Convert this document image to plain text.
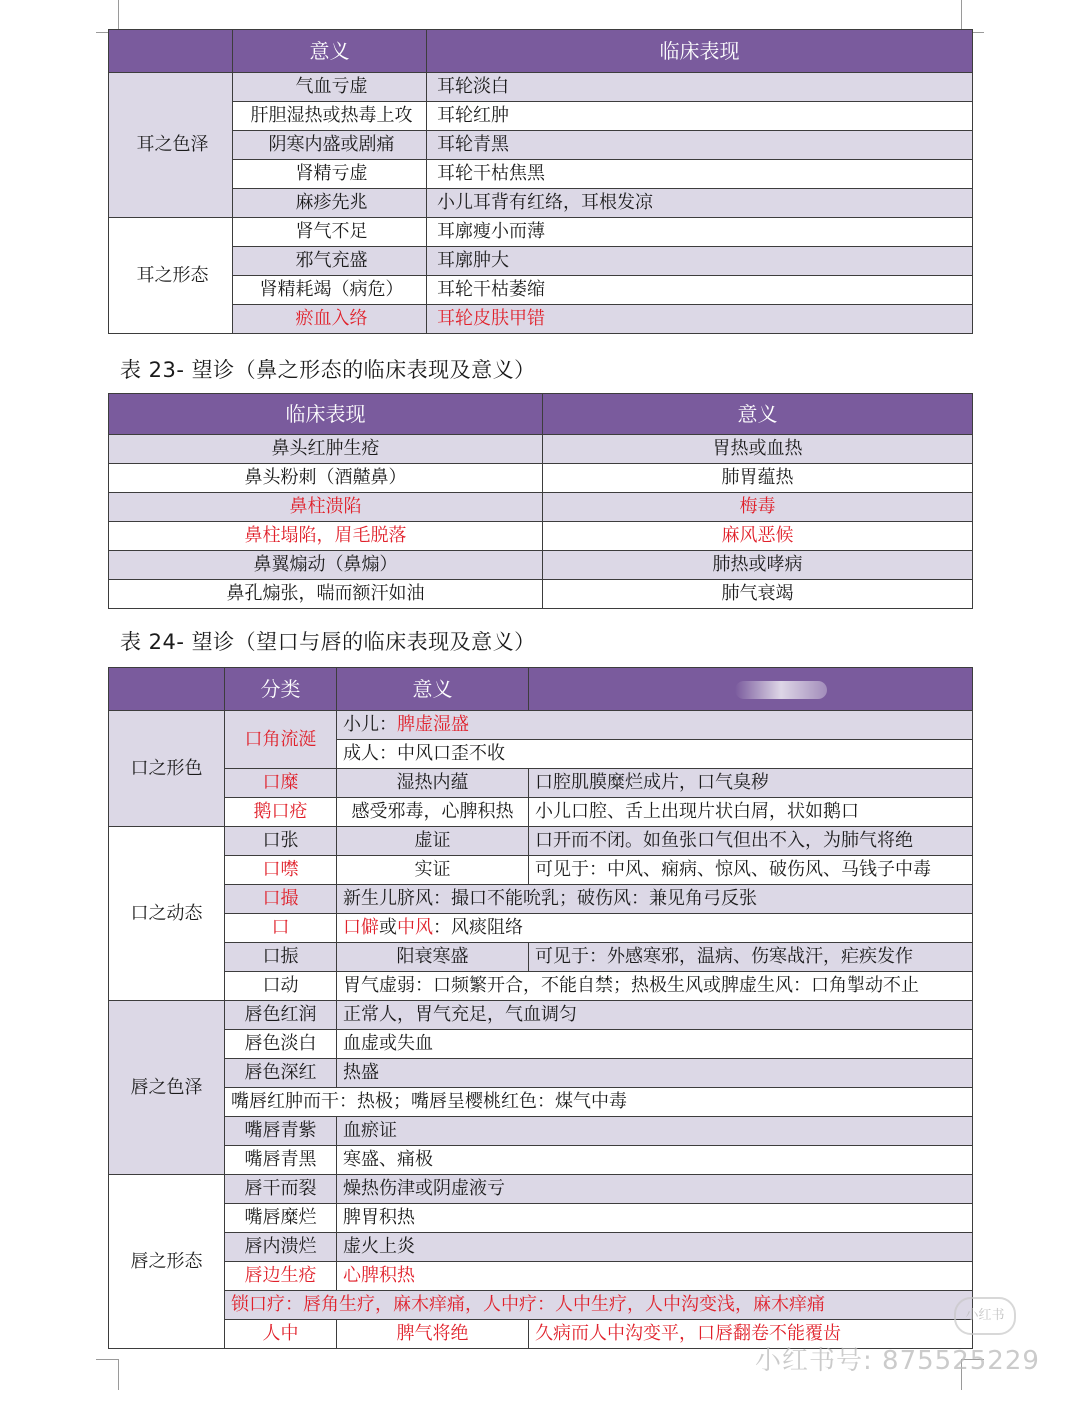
	意义	临床表现
耳之色泽	气血亏虚	耳轮淡白
	肝胆湿热或热毒上攻	耳轮红肿
	阴寒内盛或剧痛	耳轮青黑
	肾精亏虚	耳轮干枯焦黑
	麻疹先兆	小儿耳背有红络，耳根发凉
耳之形态	肾气不足	耳廓瘦小而薄
	邪气充盛	耳廓肿大
	肾精耗竭（病危）	耳轮干枯萎缩
	瘀血入络	耳轮皮肤甲错
表 23- 望诊（鼻之形态的临床表现及意义）
临床表现	意义
鼻头红肿生疮	胃热或血热
鼻头粉刺（酒齄鼻）	肺胃蕴热
鼻柱溃陷	梅毒
鼻柱塌陷，眉毛脱落	麻风恶候
鼻翼煽动（鼻煽）	肺热或哮病
鼻孔煽张，喘而额汗如油	肺气衰竭
表 24- 望诊（望口与唇的临床表现及意义）
	分类	意义	
口之形色	口角流涎	小儿：脾虚湿盛	
		成人：中风口歪不收	
	口糜	湿热内蕴	口腔肌膜糜烂成片，口气臭秽
	鹅口疮	感受邪毒，心脾积热	小儿口腔、舌上出现片状白屑，状如鹅口
口之动态	口张	虚证	口开而不闭。如鱼张口气但出不入，为肺气将绝
	口噤	实证	可见于：中风、痫病、惊风、破伤风、马钱子中毒
	口撮	新生儿脐风：撮口不能吮乳；破伤风：兼见角弓反张	
	口	口僻或中风：风痰阻络	
	口振	阳衰寒盛	可见于：外感寒邪，温病、伤寒战汗，疟疾发作
	口动	胃气虚弱：口频繁开合，不能自禁；热极生风或脾虚生风：口角掣动不止	
唇之色泽	唇色红润	正常人，胃气充足，气血调匀	
	唇色淡白	血虚或失血	
	唇色深红	热盛	
	嘴唇红肿而干：热极；嘴唇呈樱桃红色：煤气中毒		
	嘴唇青紫	血瘀证	
	嘴唇青黑	寒盛、痛极	
唇之形态	唇干而裂	燥热伤津或阴虚液亏	
	嘴唇糜烂	脾胃积热	
	唇内溃烂	虚火上炎	
	唇边生疮	心脾积热	
	锁口疗：唇角生疗，麻木痒痛，人中疗：人中生疗，人中沟变浅，麻木痒痛		
	人中	脾气将绝	久病而人中沟变平，口唇翻卷不能覆齿
小红书
小红书号: 875525229
